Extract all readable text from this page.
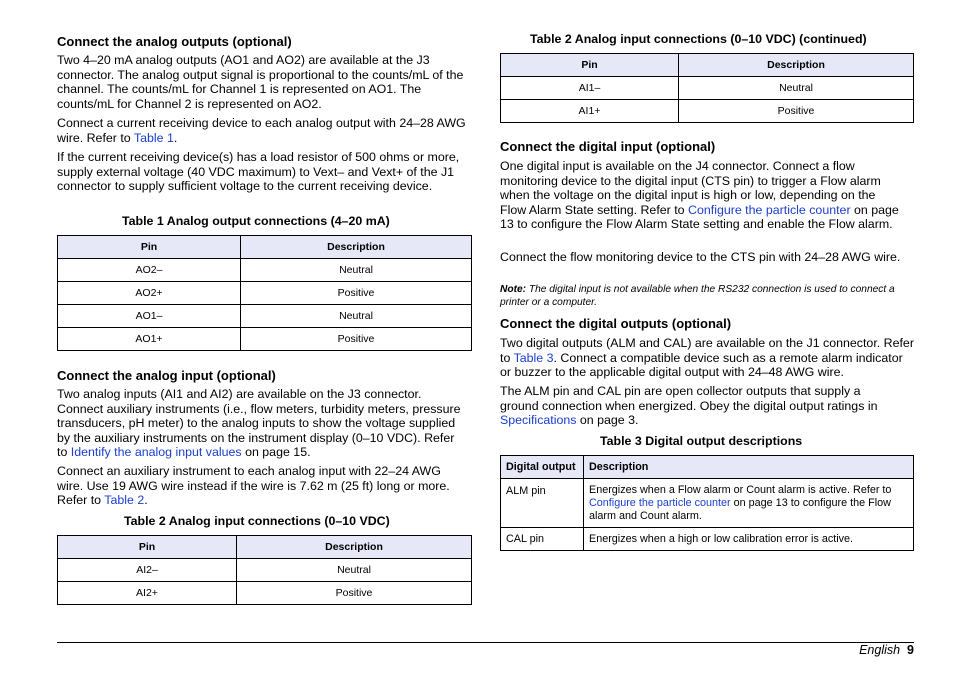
Connect the analog outputs (optional)

Two 4–20 mA analog outputs (AO1 and AO2) are available at the J3 connector. The analog output signal is proportional to the counts/mL of the channel. The counts/mL for Channel 1 is represented on AO1. The counts/mL for Channel 2 is represented on AO2.

Connect a current receiving device to each analog output with 24–28 AWG wire. Refer to Table 1.

If the current receiving device(s) has a load resistor of 500 ohms or more, supply external voltage (40 VDC maximum) to Vext– and Vext+ of the J1 connector to supply sufficient voltage to the current receiving device.

Table 1 Analog output connections (4–20 mA)
Pin	Description
AO2–	Neutral
AO2+	Positive
AO1–	Neutral
AO1+	Positive
Connect the analog input (optional)

Two analog inputs (AI1 and AI2) are available on the J3 connector. Connect auxiliary instruments (i.e., flow meters, turbidity meters, pressure transducers, pH meter) to the analog inputs to show the voltage supplied by the auxiliary instruments on the instrument display (0–10 VDC). Refer to Identify the analog input values on page 15.

Connect an auxiliary instrument to each analog input with 22–24 AWG wire. Use 19 AWG wire instead if the wire is 7.62 m (25 ft) long or more. Refer to Table 2.

Table 2 Analog input connections (0–10 VDC)
Pin	Description
AI2–	Neutral
AI2+	Positive
Table 2 Analog input connections (0–10 VDC) (continued)
Pin	Description
AI1–	Neutral
AI1+	Positive
Connect the digital input (optional)

One digital input is available on the J4 connector. Connect a flow monitoring device to the digital input (CTS pin) to trigger a Flow alarm when the voltage on the digital input is high or low, depending on the Flow Alarm State setting. Refer to Configure the particle counter on page 13 to configure the Flow Alarm State setting and enable the Flow alarm.

Connect the flow monitoring device to the CTS pin with 24–28 AWG wire.

Note: The digital input is not available when the RS232 connection is used to connect a printer or a computer.

Connect the digital outputs (optional)

Two digital outputs (ALM and CAL) are available on the J1 connector. Refer to Table 3. Connect a compatible device such as a remote alarm indicator or buzzer to the applicable digital output with 24–48 AWG wire.

The ALM pin and CAL pin are open collector outputs that supply a ground connection when energized. Obey the digital output ratings in Specifications on page 3.

Table 3 Digital output descriptions
Digital output	Description
ALM pin	Energizes when a Flow alarm or Count alarm is active. Refer to Configure the particle counter on page 13 to configure the Flow alarm and Count alarm.
CAL pin	Energizes when a high or low calibration error is active.
English 9
